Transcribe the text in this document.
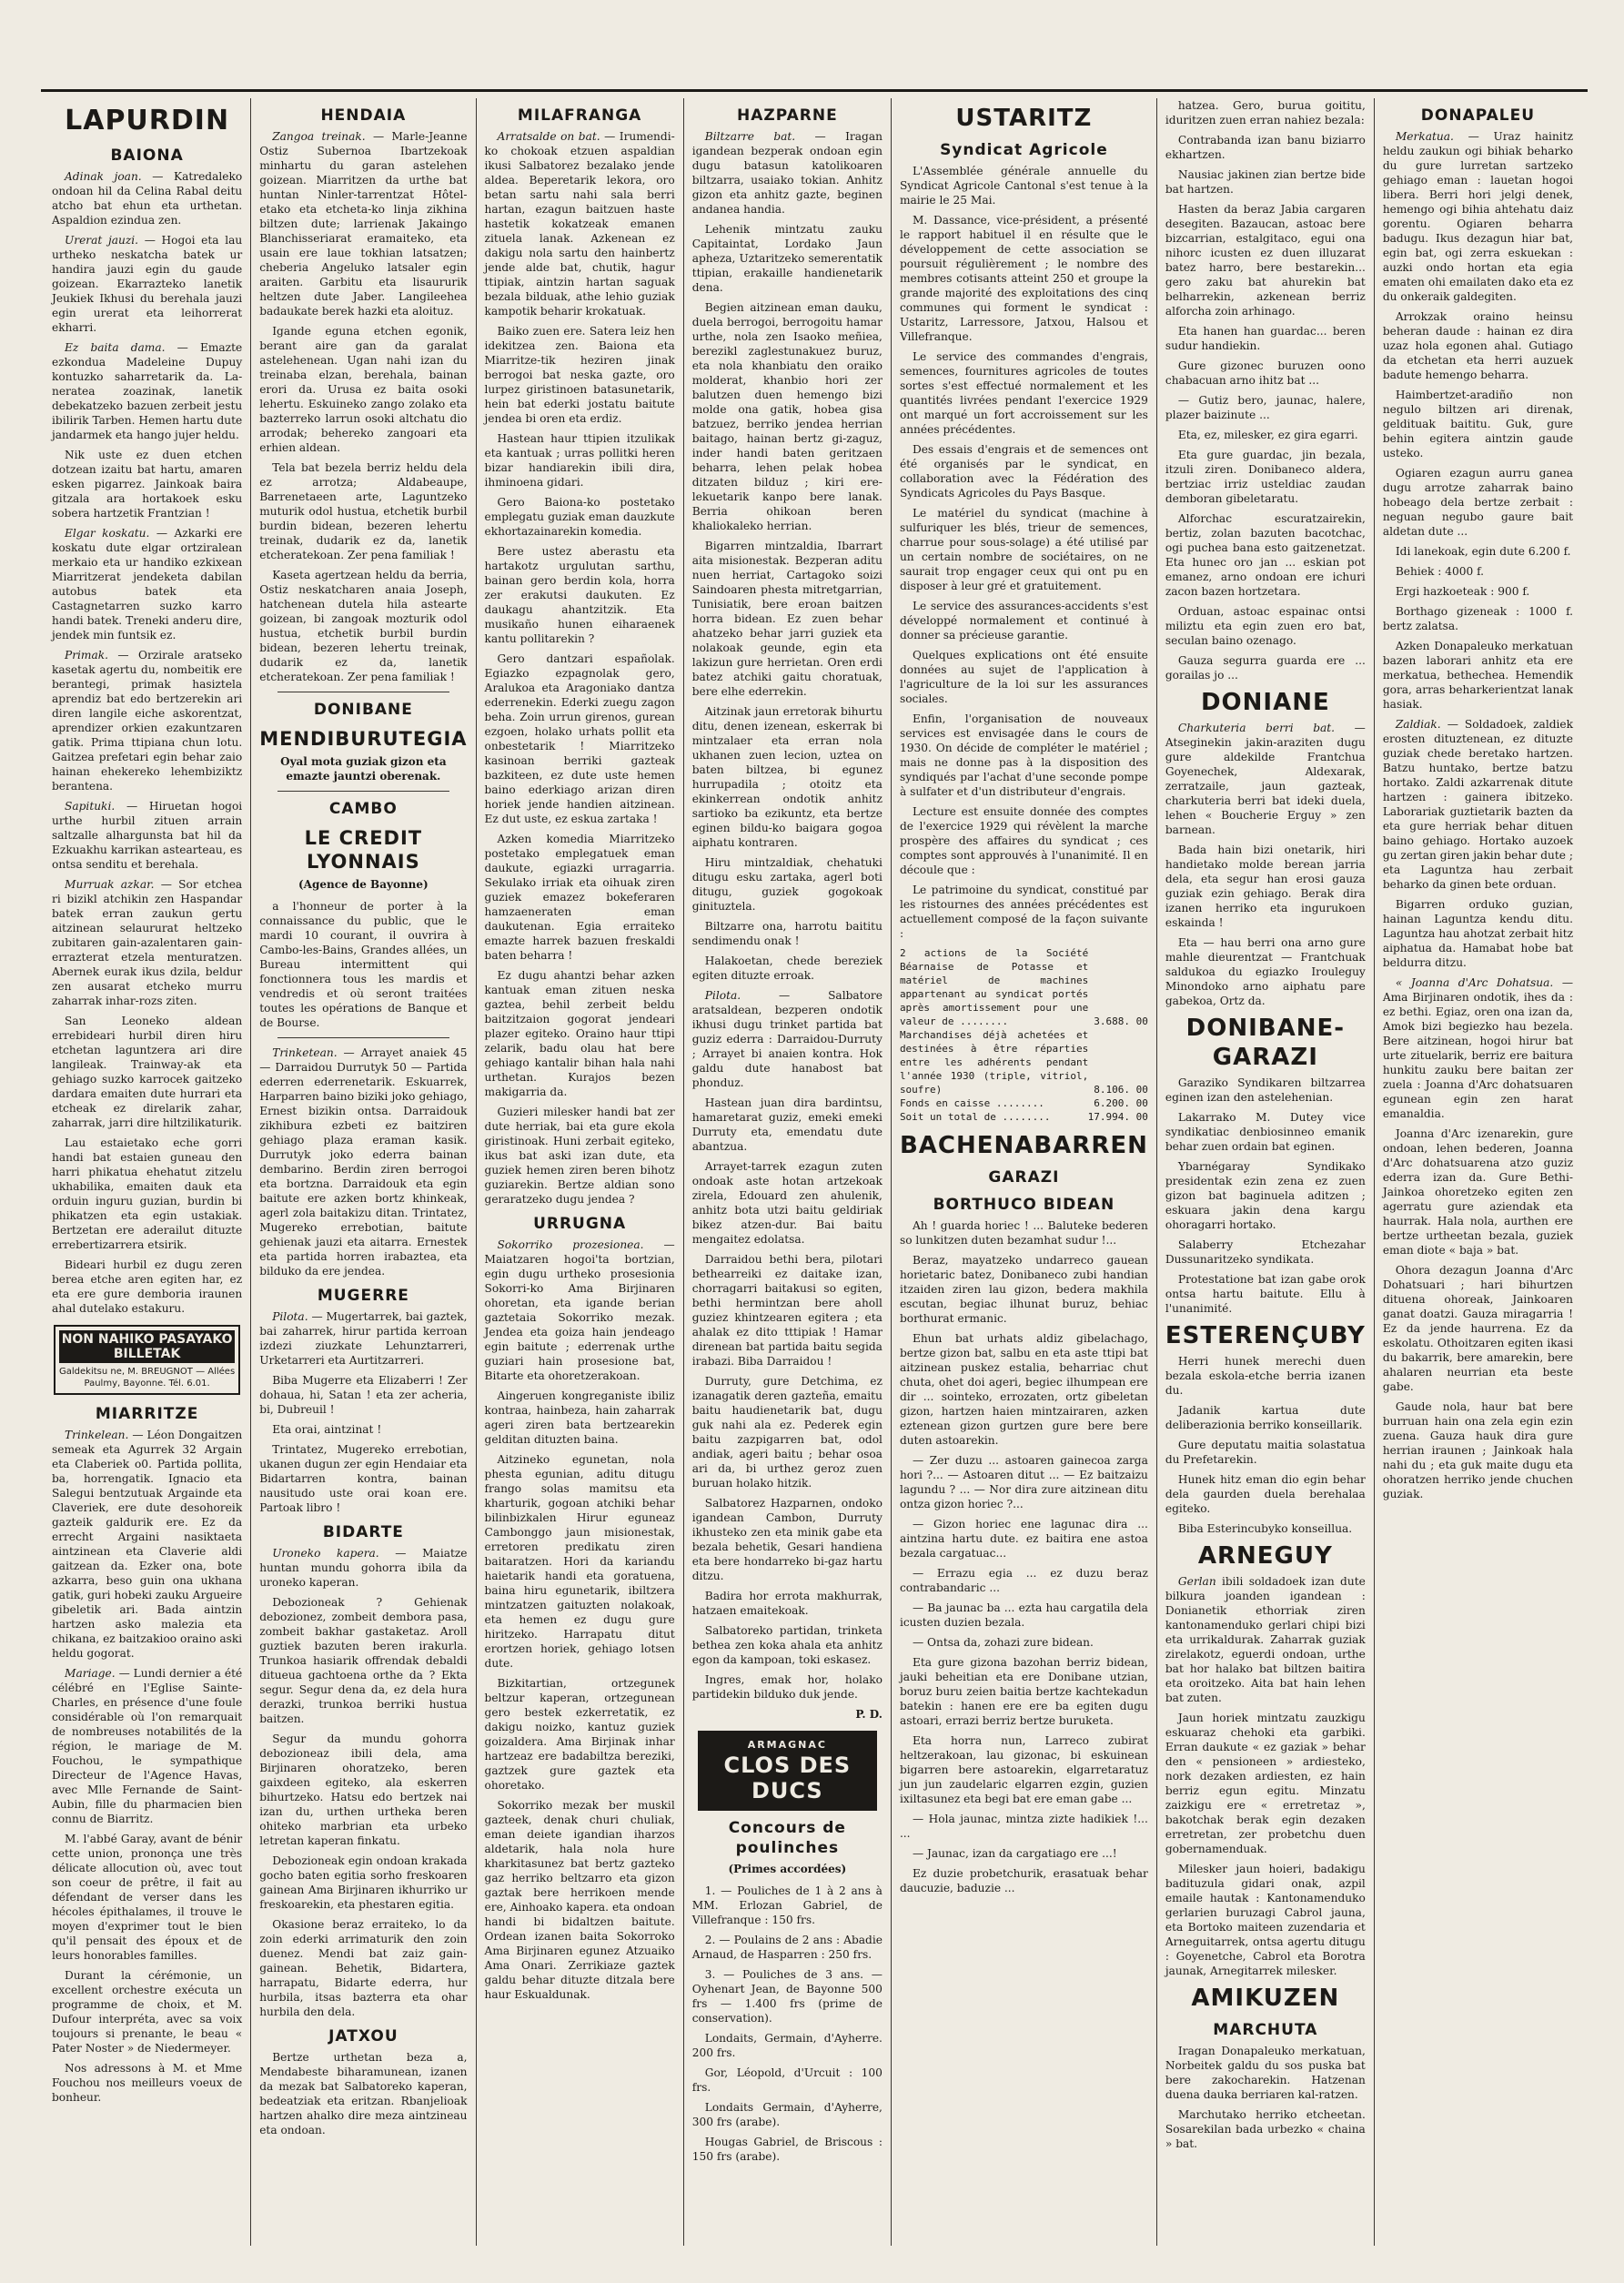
LAPURDIN
BAIONA

Adinak joan. — Katredaleko ondoan hil da Celina Rabal deitu atcho bat ehun eta urthetan. Aspaldion ezindua zen.

Urerat jauzi. — Hogoi eta lau urtheko neskatcha batek ur handira jauzi egin du gaude goizean. Ekarrazteko lanetik Jeukiek Ikhusi du berehala jauzi egin urerat eta leihorrerat ekharri.

Ez baita dama. — Emazte ezkondua Madeleine Dupuy kontuzko saharretarik da. La-neratea zoazinak, lanetik debekatzeko bazuen zerbeit jestu ibilirik Tarben. Hemen hartu dute jandarmek eta hango jujer heldu.

Nik uste ez duen etchen dotzean izaitu bat hartu, amaren esken pigarrez. Jainkoak baira gitzala ara hortakoek esku sobera hartzetik Frantzian !

Elgar koskatu. — Azkarki ere koskatu dute elgar ortziralean merkaio eta ur handiko ezkixean Miarritzerat jendeketa dabilan autobus batek eta Castagnetarren suzko karro handi batek. Treneki anderu dire, jendek min funtsik ez.

Primak. — Orzirale aratseko kasetak agertu du, nombeitik ere berantegi, primak hasiztela aprendiz bat edo bertzerekin ari diren langile eiche askorentzat, aprendizer orkien ezakuntzaren gatik. Prima ttipiana chun lotu. Gaitzea prefetari egin behar zaio hainan ehekereko lehembiziktz berantena.

Sapituki. — Hiruetan hogoi urthe hurbil zituen arrain saltzalle alhargunsta bat hil da Ezkuakhu karrikan astearteau, es ontsa senditu et berehala.

Murruak azkar. — Sor etchea ri bizikl atchikin zen Haspandar batek erran zaukun gertu aitzinean selaururat heltzeko zubitaren gain-azalentaren gain-errazterat etzela menturatzen. Abernek eurak ikus dzila, beldur zen ausarat etcheko murru zaharrak inhar-rozs ziten.

San Leoneko aldean errebideari hurbil diren hiru etchetan laguntzera ari dire langileak. Trainway-ak eta gehiago suzko karrocek gaitzeko dardara emaiten dute hurrari eta etcheak ez direlarik zahar, zaharrak, jarri dire hiltzilikaturik.

Lau estaietako eche gorri handi bat estaien guneau den harri phikatua ehehatut zitzelu ukhabilika, emaiten dauk eta orduin inguru guzian, burdin bi phikatzen eta egin ustakiak. Bertzetan ere aderailut dituzte errebertizarrera etsirik.

Bideari hurbil ez dugu zeren berea etche aren egiten har, ez eta ere gure demboria iraunen ahal dutelako estakuru.

NON NAHIKO PASAYAKO BILLETAK
Galdekitsu ne, M. BREUGNOT — Allées Paulmy, Bayonne. Tél. 6.01.
MIARRITZE

Trinkelean. — Léon Dongaitzen semeak eta Agurrek 32 Argain eta Claberiek o0. Partida pollita, ba, horrengatik. Ignacio eta Salegui bentzutuak Argainde eta Claveriek, ere dute desohoreik gazteik galdurik ere. Ez da errecht Argaini nasiktaeta aintzinean eta Claverie aldi gaitzean da. Ezker ona, bote azkarra, beso guin ona ukhana gatik, guri hobeki zauku Argueire gibeletik ari. Bada aintzin hartzen asko malezia eta chikana, ez baitzakioo oraino aski heldu gogorat.

Mariage. — Lundi dernier a été célébré en l'Eglise Sainte-Charles, en présence d'une foule considérable où l'on remarquait de nombreuses notabilités de la région, le mariage de M. Fouchou, le sympathique Directeur de l'Agence Havas, avec Mlle Fernande de Saint-Aubin, fille du pharmacien bien connu de Biarritz.

M. l'abbé Garay, avant de bénir cette union, prononça une très délicate allocution où, avec tout son coeur de prêtre, il fait au défendant de verser dans les hécoles épithalames, il trouve le moyen d'exprimer tout le bien qu'il pensait des époux et de leurs honorables familles.

Durant la cérémonie, un excellent orchestre exécuta un programme de choix, et M. Dufour interpréta, avec sa voix toujours si prenante, le beau « Pater Noster » de Niedermeyer.

Nos adressons à M. et Mme Fouchou nos meilleurs voeux de bonheur.

HENDAIA

Zangoa treinak. — Marle-Jeanne Ostiz Subernoa Ibartzekoak minhartu du garan astelehen goizean. Miarritzen da urthe bat huntan Ninler-tarrentzat Hôtel-etako eta etcheta-ko linja zikhina biltzen dute; larrienak Jakaingo Blanchisseriarat eramaiteko, eta usain ere laue tokhian latsatzen; cheberia Angeluko latsaler egin araiten. Garbitu eta lisaururik heltzen dute Jaber. Langileehea badaukate berek hazki eta aloituz.

Igande eguna etchen egonik, berant aire gan da garalat astelehenean. Ugan nahi izan du treinaba elzan, berehala, bainan erori da. Urusa ez baita osoki lehertu. Eskuineko zango zolako eta bazterreko larrun osoki altchatu dio arrodak; behereko zangoari eta erhien aldean.

Tela bat bezela berriz heldu dela ez arrotza; Aldabeaupe, Barrenetaeen arte, Laguntzeko muturik odol hustua, etchetik burbil burdin bidean, bezeren lehertu treinak, dudarik ez da, lanetik etcheratekoan. Zer pena familiak !

Kaseta agertzean heldu da berria, Ostiz neskatcharen anaia Joseph, hatchenean dutela hila astearte goizean, bi zangoak mozturik odol hustua, etchetik burbil burdin bidean, bezeren lehertu treinak, dudarik ez da, lanetik etcheratekoan. Zer pena familiak !

DONIBANE
MENDIBURUTEGIA
Oyal mota guziak gizon eta emazte jauntzi oberenak.
CAMBO
LE CREDIT LYONNAIS
(Agence de Bayonne)

a l'honneur de porter à la connaissance du public, que le mardi 10 courant, il ouvrira à Cambo-les-Bains, Grandes allées, un Bureau intermittent qui fonctionnera tous les mardis et vendredis et où seront traitées toutes les opérations de Banque et de Bourse.

Trinketean. — Arrayet anaiek 45 — Darraidou Durrutyk 50 — Partida ederren ederrenetarik. Eskuarrek, Harparren baino biziki joko gehiago, Ernest bizikin ontsa. Darraidouk zikhibura ezbeti ez baitziren gehiago plaza eraman kasik. Durrutyk joko ederra bainan dembarino. Berdin ziren berrogoi eta bortzna. Darraidouk eta egin baitute ere azken bortz khinkeak, agerl zola baitakizu ditan. Trintatez, Mugereko errebotian, baitute gehienak jauzi eta aitarra. Ernestek eta partida horren irabaztea, eta bilduko da ere jendea.

MUGERRE

Pilota. — Mugertarrek, bai gaztek, bai zaharrek, hirur partida kerroan izdezi ziuzkate Lehunztarreri, Urketarreri eta Aurtitzarreri.

Biba Mugerre eta Elizaberri ! Zer dohaua, hi, Satan ! eta zer acheria, bi, Dubreuil !

Eta orai, aintzinat !

Trintatez, Mugereko errebotian, ukanen dugun zer egin Hendaiar eta Bidartarren kontra, bainan nausitudo uste orai koan ere. Partoak libro !

BIDARTE

Uroneko kapera. — Maiatze huntan mundu gohorra ibila da uroneko kaperan.

Debozioneak ? Gehienak debozionez, zombeit dembora pasa, zombeit bakhar gastaketaz. Aroll guztiek bazuten beren irakurla. Trunkoa hasiarik offrendak debaldi ditueua gachtoena orthe da ? Ekta segur. Segur dena da, ez dela hura derazki, trunkoa berriki hustua baitzen.

Segur da mundu gohorra debozioneaz ibili dela, ama Birjinaren ohoratzeko, beren gaixdeen egiteko, ala eskerren bihurtzeko. Hatsu edo bertzek nai izan du, urthen urtheka beren ohiteko marbrian eta urbeko letretan kaperan finkatu.

Debozioneak egin ondoan krakada gocho baten egitia sorho freskoaren gainean Ama Birjinaren ikhurriko ur freskoarekin, eta phestaren egitia.

Okasione beraz erraiteko, lo da zoin ederki arrimaturik den zoin duenez. Mendi bat zaiz gain-gainean. Behetik, Bidartera, harrapatu, Bidarte ederra, hur hurbila, itsas bazterra eta ohar hurbila den dela.

JATXOU

Bertze urthetan beza a, Mendabeste biharamunean, izanen da mezak bat Salbatoreko kaperan, bedeatziak eta eritzan. Rbanjelioak hartzen ahalko dire meza aintzineau eta ondoan.

MILAFRANGA

Arratsalde on bat. — Irumendi-ko chokoak etzuen aspaldian ikusi Salbatorez bezalako jende aldea. Beperetarik lekora, oro betan sartu nahi sala berri hartan, ezagun baitzuen haste hastetik kokatzeak emanen zituela lanak. Azkenean ez dakigu nola sartu den hainbertz jende alde bat, chutik, hagur ttipiak, aintzin hartan saguak bezala bilduak, athe lehio guziak kampotik beharir krokatuak.

Baiko zuen ere. Satera leiz hen idekitzea zen. Baiona eta Miarritze-tik heziren jinak berrogoi bat neska gazte, oro lurpez giristinoen batasunetarik, hein bat ederki jostatu baitute jendea bi oren eta erdiz.

Hastean haur ttipien itzulikak eta kantuak ; urras pollitki heren bizar handiarekin ibili dira, ihminoena gidari.

Gero Baiona-ko postetako emplegatu guziak eman dauzkute ekhortazainarekin komedia.

Bere ustez aberastu eta hartakotz urgulutan sarthu, bainan gero berdin kola, horra zer erakutsi daukuten. Ez daukagu ahantzitzik. Eta musikaño hunen eiharaenek kantu pollitarekin ?

Gero dantzari españolak. Egiazko ezpagnolak gero, Aralukoa eta Aragoniako dantza ederrenekin. Ederki zuegu zagon beha. Zoin urrun girenos, gurean ezgoen, holako urhats pollit eta onbestetarik ! Miarritzeko kasinoan berriki gazteak bazkiteen, ez dute uste hemen baino ederkiago arizan diren horiek jende handien aitzinean. Ez dut uste, ez eskua zartaka !

Azken komedia Miarritzeko postetako emplegatuek eman daukute, egiazki urragarria. Sekulako irriak eta oihuak ziren guziek emazez bokeferaren hamzaeneraten eman daukutenan. Egia erraiteko emazte harrek bazuen freskaldi baten beharra !

Ez dugu ahantzi behar azken kantuak eman zituen neska gaztea, behil zerbeit beldu baitzitzaion gogorat jendeari plazer egiteko. Oraino haur ttipi zelarik, badu olau hat bere gehiago kantalir bihan hala nahi urthetan. Kurajos bezen makigarria da.

Guzieri milesker handi bat zer dute herriak, bai eta gure ekola giristinoak. Huni zerbait egiteko, ikus bat aski izan dute, eta guziek hemen ziren beren bihotz guziarekin. Bertze aldian sono geraratzeko dugu jendea ?

URRUGNA

Sokorriko prozesionea. — Maiatzaren hogoi'ta bortzian, egin dugu urtheko prosesionia Sokorri-ko Ama Birjinaren ohoretan, eta igande berian gaztetaia Sokorriko mezak. Jendea eta goiza hain jendeago egin baitute ; ederrenak urthe guziari hain prosesione bat, Bitarte eta ohoretzerakoan.

Aingeruen kongreganiste ibiliz kontraa, hainbeza, hain zaharrak ageri ziren bata bertzearekin gelditan dituzten baina.

Aitzineko egunetan, nola phesta egunian, aditu ditugu frango solas mamitsu eta kharturik, gogoan atchiki behar bilinbizkalen Hirur eguneaz Cambonggo jaun misionestak, erretoren predikatu ziren baitaratzen. Hori da kariandu haietarik handi eta goratuena, baina hiru egunetarik, ibiltzera mintzatzen gaituzten nolakoak, eta hemen ez dugu gure hiritzeko. Harrapatu ditut erortzen horiek, gehiago lotsen dute.

Bizkitartian, ortzegunek beltzur kaperan, ortzegunean gero bestek ezkerretatik, ez dakigu noizko, kantuz guziek goizaldera. Ama Birjinak inhar hartzeaz ere badabiltza bereziki, gaztzek gure gaztek eta ohoretako.

Sokorriko mezak ber muskil gazteek, denak churi chuliak, eman deiete igandian iharzos aldetarik, hala nola hure kharkitasunez bat bertz gazteko gaz herriko beltzarro eta gizon gaztak bere herrikoen mende ere, Ainhoako kapera. eta ondoan handi bi bidaltzen baitute. Ordean izanen baita Sokorroko Ama Birjinaren egunez Atzuaiko Ama Onari. Zerrikiaze gaztek galdu behar dituzte ditzala bere haur Eskualdunak.

HAZPARNE

Biltzarre bat. — Iragan igandean bezperak ondoan egin dugu batasun katolikoaren biltzarra, usaiako tokian. Anhitz gizon eta anhitz gazte, beginen andanea handia.

Lehenik mintzatu zauku Capitaintat, Lordako Jaun apheza, Uztaritzeko semerentatik ttipian, erakaille handienetarik dena.

Begien aitzinean eman dauku, duela berrogoi, berrogoitu hamar urthe, nola zen Isaoko meñiea, berezikl zaglestunakuez buruz, eta nola khanbiatu den oraiko molderat, khanbio hori zer balutzen duen hemengo bizi molde ona gatik, hobea gisa batzuez, berriko jendea herrian baitago, hainan bertz gi-zaguz, inder handi baten geritzaen beharra, lehen pelak hobea ditzaten bilduz ; kiri ere-lekuetarik kanpo bere lanak. Berria ohikoan beren khaliokaleko herrian.

Bigarren mintzaldia, Ibarrart aita misionestak. Bezperan aditu nuen herriat, Cartagoko soizi Saindoaren phesta mitretgarrian, Tunisiatik, bere eroan baitzen horra bidean. Ez zuen behar ahatzeko behar jarri guziek eta nolakoak geunde, egin eta lakizun gure herrietan. Oren erdi batez atchiki gaitu choratuak, bere elhe ederrekin.

Aitzinak jaun erretorak bihurtu ditu, denen izenean, eskerrak bi mintzalaer eta erran nola ukhanen zuen lecion, uztea on baten biltzea, bi egunez hurrupadila ; otoitz eta ekinkerrean ondotik anhitz sartioko ba ezikuntz, eta bertze eginen bildu-ko baigara gogoa aiphatu kontraren.

Hiru mintzaldiak, chehatuki ditugu esku zartaka, agerl boti ditugu, guziek gogokoak ginituztela.

Biltzarre ona, harrotu baititu sendimendu onak !

Halakoetan, chede bereziek egiten dituzte erroak.

Pilota. — Salbatore aratsaldean, bezperen ondotik ikhusi dugu trinket partida bat guziz ederra : Darraidou-Durruty ; Arrayet bi anaien kontra. Hok galdu dute hanabost bat phonduz.

Hastean juan dira bardintsu, hamaretarat guziz, emeki emeki Durruty eta, emendatu dute abantzua.

Arrayet-tarrek ezagun zuten ondoak aste hotan artzekoak zirela, Edouard zen ahulenik, anhitz bota utzi baitu geldiriak bikez atzen-dur. Bai baitu mengaitez edolatsa.

Darraidou bethi bera, pilotari bethearreiki ez daitake izan, chorragarri baitakusi so egiten, bethi hermintzan bere aholl guziez khintzearen egitera ; eta ahalak ez dito tttipiak ! Hamar direnean bat partida baitu segida irabazi. Biba Darraidou !

Durruty, gure Detchima, ez izanagatik deren gazteña, emaitu baitu haudienetarik bat, dugu guk nahi ala ez. Pederek egin baitu zazpigarren bat, odol andiak, ageri baitu ; behar osoa ari da, bi urthez geroz zuen buruan holako hitzik.

Salbatorez Hazparnen, ondoko igandean Cambon, Durruty ikhusteko zen eta minik gabe eta bezala behetik, Gesari handiena eta bere hondarreko bi-gaz hartu ditzu.

Badira hor errota makhurrak, hatzaen emaitekoak.

Salbatoreko partidan, trinketa bethea zen koka ahala eta anhitz egon da kampoan, toki eskasez.

Ingres, emak hor, holako partidekin bilduko duk jende.

P. D.
ARMAGNAC
CLOS DES DUCS
Concours de poulinches
(Primes accordées)

1. — Pouliches de 1 à 2 ans à MM. Erlozan Gabriel, de Villefranque : 150 frs.

2. — Poulains de 2 ans : Abadie Arnaud, de Hasparren : 250 frs.

3. — Pouliches de 3 ans. — Oyhenart Jean, de Bayonne 500 frs — 1.400 frs (prime de conservation).

Londaits, Germain, d'Ayherre. 200 frs.

Gor, Léopold, d'Urcuit : 100 frs.

Londaits Germain, d'Ayherre, 300 frs (arabe).

Hougas Gabriel, de Briscous : 150 frs (arabe).

USTARITZ
Syndicat Agricole

L'Assemblée générale annuelle du Syndicat Agricole Cantonal s'est tenue à la mairie le 25 Mai.

M. Dassance, vice-président, a présenté le rapport habituel il en résulte que le développement de cette association se poursuit régulièrement ; le nombre des membres cotisants atteint 250 et groupe la grande majorité des exploitations des cinq communes qui forment le syndicat : Ustaritz, Larressore, Jatxou, Halsou et Villefranque.

Le service des commandes d'engrais, semences, fournitures agricoles de toutes sortes s'est effectué normalement et les quantités livrées pendant l'exercice 1929 ont marqué un fort accroissement sur les années précédentes.

Des essais d'engrais et de semences ont été organisés par le syndicat, en collaboration avec la Fédération des Syndicats Agricoles du Pays Basque.

Le matériel du syndicat (machine à sulfuriquer les blés, trieur de semences, charrue pour sous-solage) a été utilisé par un certain nombre de sociétaires, on ne saurait trop engager ceux qui ont pu en disposer à leur gré et gratuitement.

Le service des assurances-accidents s'est développé normalement et continué à donner sa précieuse garantie.

Quelques explications ont été ensuite données au sujet de l'application à l'agriculture de la loi sur les assurances sociales.

Enfin, l'organisation de nouveaux services est envisagée dans le cours de 1930. On décide de compléter le matériel ; mais ne donne pas à la disposition des syndiqués par l'achat d'une seconde pompe à sulfater et d'un distributeur d'engrais.

Lecture est ensuite donnée des comptes de l'exercice 1929 qui révèlent la marche prospère des affaires du syndicat ; ces comptes sont approuvés à l'unanimité. Il en découle que :

Le patrimoine du syndicat, constitué par les ristournes des années précédentes est actuellement composé de la façon suivante :

2 actions de la Société Béarnaise de Potasse et matériel de machines appartenant au syndicat portés après amortissement pour une valeur de ........	3.688. 00
Marchandises déjà achetées et destinées à être réparties entre les adhérents pendant l'année 1930 (triple, vitriol, soufre)	8.106. 00
Fonds en caisse ........	6.200. 00
Soit un total de ........	17.994. 00
BACHENABARREN
GARAZI
BORTHUCO BIDEAN

Ah ! guarda horiec ! ... Baluteke bederen so lunkitzen duten bezamhat sudur !...

Beraz, mayatzeko undarreco gauean horietaric batez, Donibaneco zubi handian itzaiden ziren lau gizon, bedera makhila escutan, begiac ilhunat buruz, behiac borthurat ermanic.

Ehun bat urhats aldiz gibelachago, bertze gizon bat, salbu en eta aste ttipi bat aitzinean puskez estalia, beharriac chut chuta, ohet doi ageri, begiec ilhumpean ere dir ... sointeko, errozaten, ortz gibeletan gizon, hartzen haien mintzairaren, azken eztenean gizon gurtzen gure bere bere duten astoarekin.

— Zer duzu ... astoaren gainecoa zarga hori ?... — Astoaren ditut ... — Ez baitzaizu lagundu ? ... — Nor dira zure aitzinean ditu ontza gizon horiec ?...

— Gizon horiec ene lagunac dira ... aintzina hartu dute. ez baitira ene astoa bezala cargatuac...

— Errazu egia ... ez duzu beraz contrabandaric ...

— Ba jaunac ba ... ezta hau cargatila dela icusten duzien bezala.

— Ontsa da, zohazi zure bidean.

Eta gure gizona bazohan berriz bidean, jauki beheitian eta ere Donibane utzian, boruz buru zeien baitia bertze kachtekadun batekin : hanen ere ere ba egiten dugu astoari, errazi berriz bertze buruketa.

Eta horra nun, Larreco zubirat heltzerakoan, lau gizonac, bi eskuinean bigarren bere astoarekin, elgarretaratuz jun jun zaudelaric elgarren ezgin, guzien ixiltasunez eta begi bat ere eman gabe ...

— Hola jaunac, mintza zizte hadikiek !... ...

— Jaunac, izan da cargatiago ere ...!

Ez duzie probetchurik, erasatuak behar daucuzie, baduzie ...

hatzea. Gero, burua goititu, iduritzen zuen erran nahiez bezala:

Contrabanda izan banu biziarro ekhartzen.

Nausiac jakinen zian bertze bide bat hartzen.

Hasten da beraz Jabia cargaren desegiten. Bazaucan, astoac bere bizcarrian, estalgitaco, egui ona nihorc icusten ez duen illuzarat batez harro, bere bestarekin... gero zaku bat ahurekin bat belharrekin, azkenean berriz alforcha zoin arhinago.

Eta hanen han guardac... beren sudur handiekin.

Gure gizonec buruzen oono chabacuan arno ihitz bat ...

— Gutiz bero, jaunac, halere, plazer baizinute ...

Eta, ez, milesker, ez gira egarri.

Eta gure guardac, jin bezala, itzuli ziren. Donibaneco aldera, bertziac irriz usteldiac zaudan demboran gibeletaratu.

Alforchac escuratzairekin, bertiz, zolan bazuten bacotchac, ogi puchea bana esto gaitzenetzat. Eta hunec oro jan ... eskian pot emanez, arno ondoan ere ichuri zacon bazen hortzetara.

Orduan, astoac espainac ontsi miliztu eta egin zuen ero bat, seculan baino ozenago.

Gauza segurra guarda ere ... gorailas jo ...

DONIANE

Charkuteria berri bat. — Atseginekin jakin-araziten dugu gure aldekilde Frantchua Goyenechek, Aldexarak, zerratzaile, jaun gazteak, charkuteria berri bat ideki duela, lehen « Boucherie Erguy » zen barnean.

Bada hain bizi onetarik, hiri handietako molde berean jarria dela, eta segur han erosi gauza guziak ezin gehiago. Berak dira izanen herriko eta ingurukoen eskainda !

Eta — hau berri ona arno gure mahle dieurentzat — Frantchuak saldukoa du egiazko Irouleguy Minondoko arno aiphatu pare gabekoa, Ortz da.

DONIBANE-GARAZI

Garaziko Syndikaren biltzarrea eginen izan den astelehenian.

Lakarrako M. Dutey vice syndikatiac denbiosinneo emanik behar zuen ordain bat eginen.

Ybarnégaray Syndikako presidentak ezin zena ez zuen gizon bat baginuela aditzen ; eskuara jakin dena kargu ohoragarri hortako.

Salaberry Etchezahar Dussunaritzeko syndikata.

Protestatione bat izan gabe orok ontsa hartu baitute. Ellu à l'unanimité.

ESTERENÇUBY

Herri hunek merechi duen bezala eskola-etche berria izanen du.

Jadanik kartua dute deliberazionia berriko konseillarik.

Gure deputatu maitia solastatua du Prefetarekin.

Hunek hitz eman dio egin behar dela gaurden duela berehalaa egiteko.

Biba Esterincubyko konseillua.

ARNEGUY

Gerlan ibili soldadoek izan dute bilkura joanden igandean : Donianetik ethorriak ziren kantonamenduko gerlari chipi bizi eta urrikaldurak. Zaharrak guziak zirelakotz, eguerdi ondoan, urthe bat hor halako bat biltzen baitira eta oroitzeko. Aita bat hain lehen bat zuten.

Jaun horiek mintzatu zauzkigu eskuaraz chehoki eta garbiki. Erran daukute « ez gaziak » behar den « pensioneen » ardiesteko, nork dezaken ardiesten, ez hain berriz egun egitu. Minzatu zaizkigu ere « erretretaz », bakotchak berak egin dezaken erretretan, zer probetchu duen gobernamenduak.

Milesker jaun hoieri, badakigu badituzula gidari onak, azpil emaile hautak : Kantonamenduko gerlarien buruzagi Cabrol jauna, eta Bortoko maiteen zuzendaria et Arneguitarrek, ontsa agertu ditugu : Goyenetche, Cabrol eta Borotra jaunak, Arnegitarrek milesker.

AMIKUZEN
MARCHUTA

Iragan Donapaleuko merkatuan, Norbeitek galdu du sos puska bat bere zakocharekin. Hatzenan duena dauka berriaren kal-ratzen.

Marchutako herriko etcheetan. Sosarekilan bada urbezko « chaina » bat.

DONAPALEU

Merkatua. — Uraz hainitz heldu zaukun ogi bihiak beharko du gure lurretan sartzeko gehiago eman : lauetan hogoi libera. Berri hori jelgi denek, hemengo ogi bihia ahtehatu daiz gorentu. Ogiaren beharra badugu. Ikus dezagun hiar bat, egin bat, ogi zerra eskuekan : auzki ondo hortan eta egia ematen ohi emailaten dako eta ez du onkeraik galdegiten.

Arrokzak oraino heinsu beheran daude : hainan ez dira uzaz hola egonen ahal. Gutiago da etchetan eta herri auzuek badute hemengo beharra.

Haimbertzet-aradiño non negulo biltzen ari direnak, geldituak baititu. Guk, gure behin egitera aintzin gaude usteko.

Ogiaren ezagun aurru ganea dugu arrotze zaharrak baino hobeago dela bertze zerbait : neguan negubo gaure bait aldetan dute ...

Idi lanekoak, egin dute 6.200 f.

Behiek : 4000 f.

Ergi hazkoeteak : 900 f.

Borthago gizeneak : 1000 f. bertz zalatsa.

Azken Donapaleuko merkatuan bazen laborari anhitz eta ere merkatua, bethechea. Hemendik gora, arras beharkerientzat lanak hasiak.

Zaldiak. — Soldadoek, zaldiek erosten dituztenean, ez dituzte guziak chede beretako hartzen. Batzu huntako, bertze batzu hortako. Zaldi azkarrenak ditute hartzen : gainera ibitzeko. Laborariak guztietarik bazten da eta gure herriak behar dituen baino gehiago. Hortako auzoek gu zertan giren jakin behar dute ; eta Laguntza hau zerbait beharko da ginen bete orduan.

Bigarren orduko guzian, hainan Laguntza kendu ditu. Laguntza hau ahotzat zerbait hitz aiphatua da. Hamabat hobe bat beldurra ditzu.

« Joanna d'Arc Dohatsua. — Ama Birjinaren ondotik, ihes da : ez bethi. Egiaz, oren ona izan da, Amok bizi begiezko hau bezela. Bere aitzinean, hogoi hirur bat urte zituelarik, berriz ere baitura hunkitu zauku bere baitan zer zuela : Joanna d'Arc dohatsuaren egunean egin zen harat emanaldia.

Joanna d'Arc izenarekin, gure ondoan, lehen bederen, Joanna d'Arc dohatsuarena atzo guziz ederra izan da. Gure Bethi-Jainkoa ohoretzeko egiten zen agerratu gure aziendak eta haurrak. Hala nola, aurthen ere bertze urtheetan bezala, guziek eman diote « baja » bat.

Ohora dezagun Joanna d'Arc Dohatsuari ; hari bihurtzen dituena ohoreak, Jainkoaren ganat doatzi. Gauza miragarria ! Ez da jende haurrena. Ez da eskolatu. Othoitzaren egiten ikasi du bakarrik, bere amarekin, bere ahalaren neurrian eta beste gabe.

Gaude nola, haur bat bere burruan hain ona zela egin ezin zuena. Gauza hauk dira gure herrian iraunen ; Jainkoak hala nahi du ; eta guk maite dugu eta ohoratzen herriko jende chuchen guziak.
